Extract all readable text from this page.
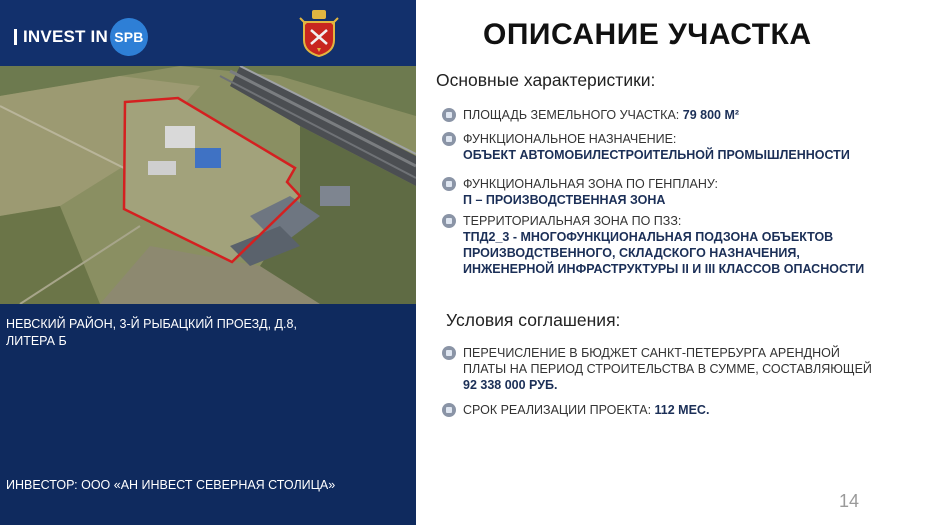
INVEST IN SPB
НЕВСКИЙ РАЙОН, 3-Й РЫБАЦКИЙ ПРОЕЗД, Д.8,
ЛИТЕРА Б
ИНВЕСТОР: ООО «АН ИНВЕСТ СЕВЕРНАЯ СТОЛИЦА»
ОПИСАНИЕ УЧАСТКА
Основные характеристики:
ПЛОЩАДЬ ЗЕМЕЛЬНОГО УЧАСТКА: 79 800 М²
ФУНКЦИОНАЛЬНОЕ НАЗНАЧЕНИЕ:
ОБЪЕКТ АВТОМОБИЛЕСТРОИТЕЛЬНОЙ ПРОМЫШЛЕННОСТИ
ФУНКЦИОНАЛЬНАЯ ЗОНА ПО ГЕНПЛАНУ:
П – ПРОИЗВОДСТВЕННАЯ ЗОНА
ТЕРРИТОРИАЛЬНАЯ ЗОНА ПО ПЗЗ:
ТПД2_3 - МНОГОФУНКЦИОНАЛЬНАЯ ПОДЗОНА ОБЪЕКТОВ
ПРОИЗВОДСТВЕННОГО, СКЛАДСКОГО НАЗНАЧЕНИЯ,
ИНЖЕНЕРНОЙ ИНФРАСТРУКТУРЫ II И III КЛАССОВ ОПАСНОСТИ
Условия соглашения:
ПЕРЕЧИСЛЕНИЕ В БЮДЖЕТ САНКТ-ПЕТЕРБУРГА АРЕНДНОЙ
ПЛАТЫ НА ПЕРИОД СТРОИТЕЛЬСТВА В СУММЕ, СОСТАВЛЯЮЩЕЙ
92 338 000 РУБ.
СРОК РЕАЛИЗАЦИИ ПРОЕКТА: 112 МЕС.
14
